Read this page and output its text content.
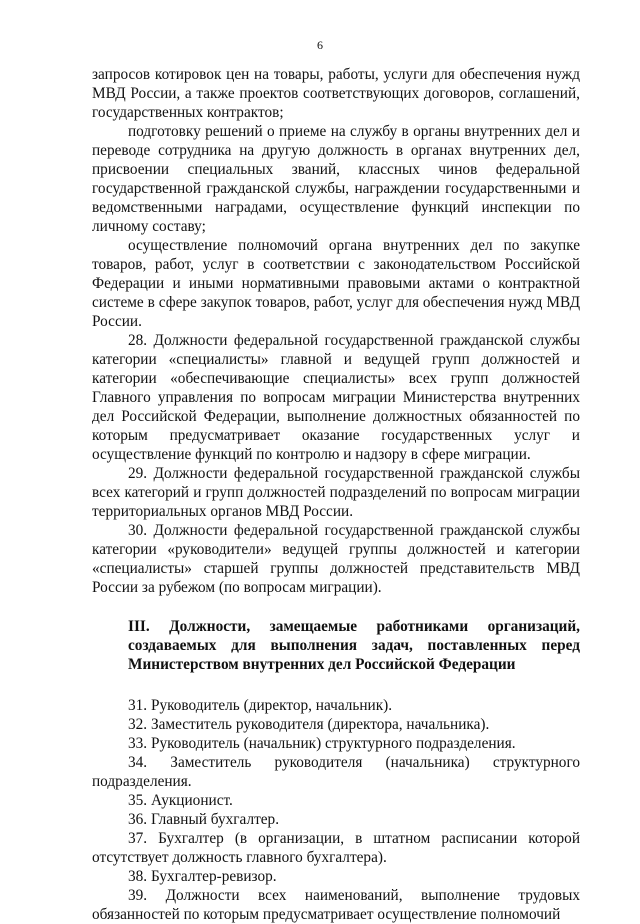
6

запросов котировок цен на товары, работы, услуги для обеспечения нужд МВД России, а также проектов соответствующих договоров, соглашений, государственных контрактов;

подготовку решений о приеме на службу в органы внутренних дел и переводе сотрудника на другую должность в органах внутренних дел, присвоении специальных званий, классных чинов федеральной государственной гражданской службы, награждении государственными и ведомственными наградами, осуществление функций инспекции по личному составу;

осуществление полномочий органа внутренних дел по закупке товаров, работ, услуг в соответствии с законодательством Российской Федерации и иными нормативными правовыми актами о контрактной системе в сфере закупок товаров, работ, услуг для обеспечения нужд МВД России.

28. Должности федеральной государственной гражданской службы категории «специалисты» главной и ведущей групп должностей и категории «обеспечивающие специалисты» всех групп должностей Главного управления по вопросам миграции Министерства внутренних дел Российской Федерации, выполнение должностных обязанностей по которым предусматривает оказание государственных услуг и осуществление функций по контролю и надзору в сфере миграции.

29. Должности федеральной государственной гражданской службы всех категорий и групп должностей подразделений по вопросам миграции территориальных органов МВД России.

30. Должности федеральной государственной гражданской службы категории «руководители» ведущей группы должностей и категории «специалисты» старшей группы должностей представительств МВД России за рубежом (по вопросам миграции).

III. Должности, замещаемые работниками организаций, создаваемых для выполнения задач, поставленных перед Министерством внутренних дел Российской Федерации

31. Руководитель (директор, начальник).

32. Заместитель руководителя (директора, начальника).

33. Руководитель (начальник) структурного подразделения.

34. Заместитель руководителя (начальника) структурного подразделения.

35. Аукционист.

36. Главный бухгалтер.

37. Бухгалтер (в организации, в штатном расписании которой отсутствует должность главного бухгалтера).

38. Бухгалтер-ревизор.

39. Должности всех наименований, выполнение трудовых обязанностей по которым предусматривает осуществление полномочий
